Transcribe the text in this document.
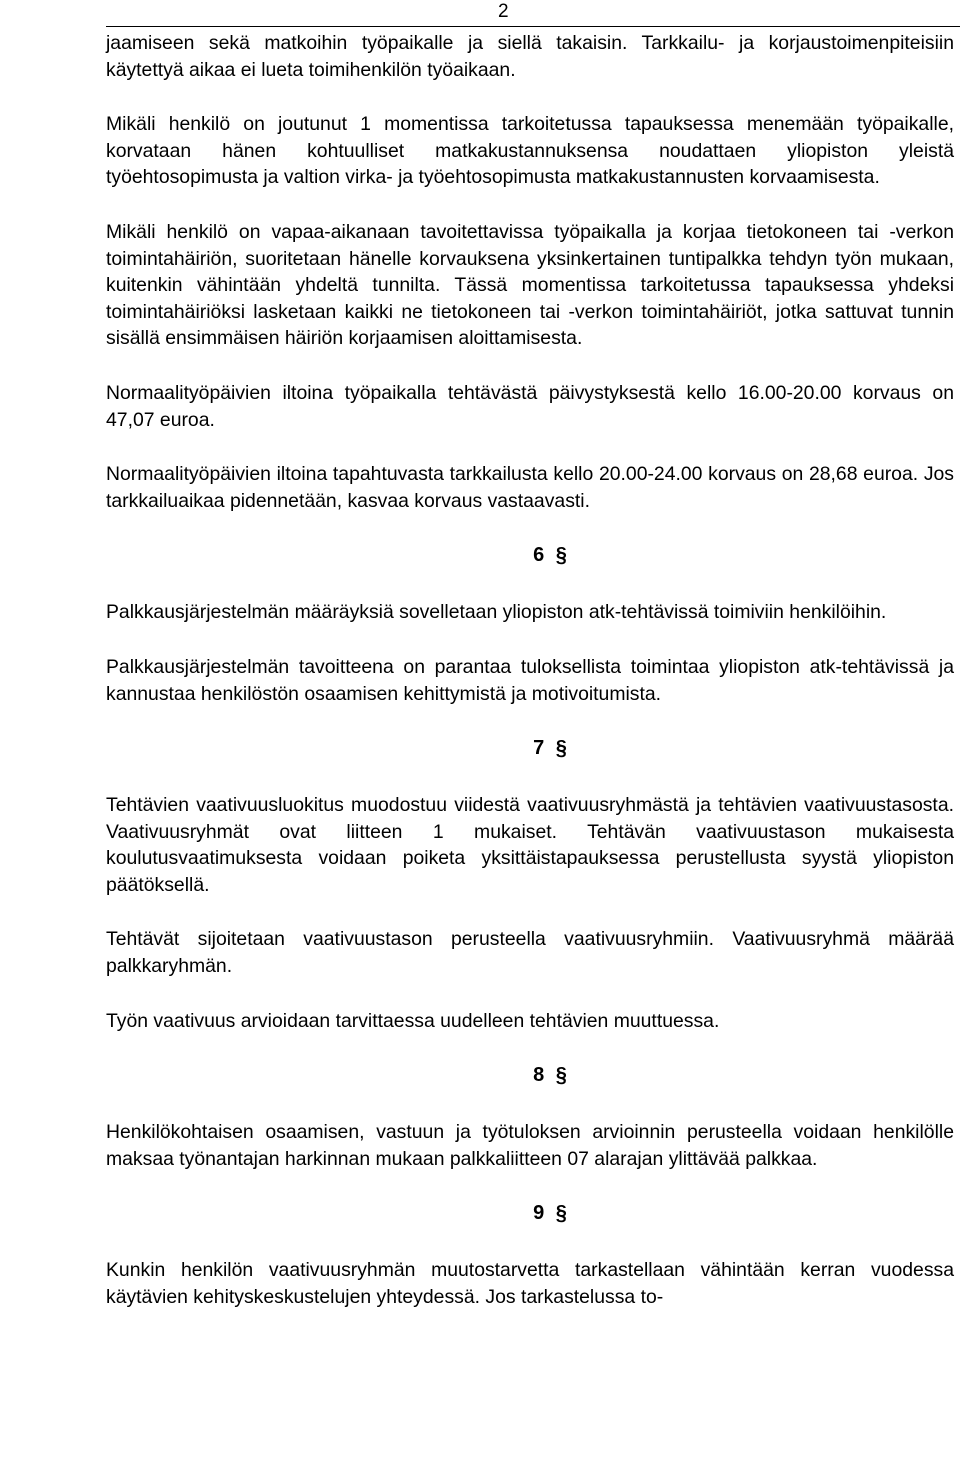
2

jaamiseen sekä matkoihin työpaikalle ja siellä takaisin. Tarkkailu- ja korjaustoimenpiteisiin käytettyä aikaa ei lueta toimihenkilön työaikaan.

Mikäli henkilö on joutunut 1 momentissa tarkoitetussa tapauksessa menemään työpaikalle, korvataan hänen kohtuulliset matkakustannuksensa noudattaen yliopiston yleistä työehtosopimusta ja valtion virka- ja työehtosopimusta matkakustannusten korvaamisesta.

Mikäli henkilö on vapaa-aikanaan tavoitettavissa työpaikalla ja korjaa tietokoneen tai -verkon toimintahäiriön, suoritetaan hänelle korvauksena yksinkertainen tuntipalkka tehdyn työn mukaan, kuitenkin vähintään yhdeltä tunnilta. Tässä momentissa tarkoitetussa tapauksessa yhdeksi toimintahäiriöksi lasketaan kaikki ne tietokoneen tai -verkon toimintahäiriöt, jotka sattuvat tunnin sisällä ensimmäisen häiriön korjaamisen aloittamisesta.

Normaalityöpäivien iltoina työpaikalla tehtävästä päivystyksestä kello 16.00-20.00 korvaus on 47,07 euroa.

Normaalityöpäivien iltoina tapahtuvasta tarkkailusta kello 20.00-24.00 korvaus on 28,68 euroa. Jos tarkkailuaikaa pidennetään, kasvaa korvaus vastaavasti.

6 §

Palkkausjärjestelmän määräyksiä sovelletaan yliopiston atk-tehtävissä toimiviin henkilöihin.

Palkkausjärjestelmän tavoitteena on parantaa tuloksellista toimintaa yliopiston atk-tehtävissä ja kannustaa henkilöstön osaamisen kehittymistä ja motivoitumista.

7 §

Tehtävien vaativuusluokitus muodostuu viidestä vaativuusryhmästä ja tehtävien vaativuustasosta. Vaativuusryhmät ovat liitteen 1 mukaiset. Tehtävän vaativuustason mukaisesta koulutusvaatimuksesta voidaan poiketa yksittäistapauksessa perustellusta syystä yliopiston päätöksellä.

Tehtävät sijoitetaan vaativuustason perusteella vaativuusryhmiin. Vaativuusryhmä määrää palkkaryhmän.

Työn vaativuus arvioidaan tarvittaessa uudelleen tehtävien muuttuessa.

8 §

Henkilökohtaisen osaamisen, vastuun ja työtuloksen arvioinnin perusteella voidaan henkilölle maksaa työnantajan harkinnan mukaan palkkaliitteen 07 alarajan ylittävää palkkaa.

9 §

Kunkin henkilön vaativuusryhmän muutostarvetta tarkastellaan vähintään kerran vuodessa käytävien kehityskeskustelujen yhteydessä. Jos tarkastelussa to-
